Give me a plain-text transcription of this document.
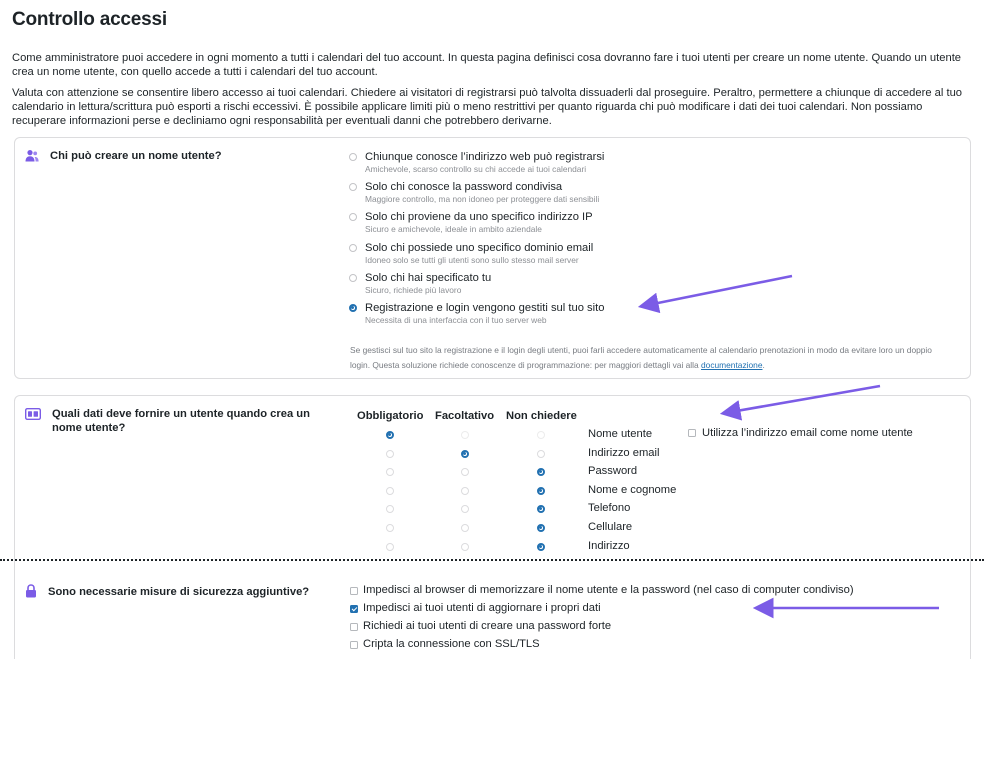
Controllo accessi

Come amministratore puoi accedere in ogni momento a tutti i calendari del tuo account. In questa pagina definisci cosa dovranno fare i tuoi utenti per creare un nome utente. Quando un utente crea un nome utente, con quello accede a tutti i calendari del tuo account.

Valuta con attenzione se consentire libero accesso ai tuoi calendari. Chiedere ai visitatori di registrarsi può talvolta dissuaderli dal proseguire. Peraltro, permettere a chiunque di accedere al tuo calendario in lettura/scrittura può esporti a rischi eccessivi. È possibile applicare limiti più o meno restrittivi per quanto riguarda chi può modificare i dati dei tuoi calendari. Non possiamo recuperare informazioni perse e decliniamo ogni responsabilità per eventuali danni che potrebbero derivarne.

Chi può creare un nome utente?	Chiunque conosce l’indirizzo web può registrarsi
Amichevole, scarso controllo su chi accede ai tuoi calendari
Solo chi conosce la password condivisa
Maggiore controllo, ma non idoneo per proteggere dati sensibili
Solo chi proviene da uno specifico indirizzo IP
Sicuro e amichevole, ideale in ambito aziendale
Solo chi possiede uno specifico dominio email
Idoneo solo se tutti gli utenti sono sullo stesso mail server
Solo chi hai specificato tu
Sicuro, richiede più lavoro
Registrazione e login vengono gestiti sul tuo sito
Necessita di una interfaccia con il tuo server web

Se gestisci sul tuo sito la registrazione e il login degli utenti, puoi farli accedere automaticamente al calendario prenotazioni in modo da evitare loro un doppio login. Questa soluzione richiede conoscenze di programmazione: per maggiori dettagli vai alla documentazione.

Quali dati deve fornire un utente quando crea un nome utente?
Obbligatorio Facoltativo Non chiedere
Nome utente
Indirizzo email
Password
Nome e cognome
Telefono
Cellulare
Indirizzo
Utilizza l’indirizzo email come nome utente
Sono necessarie misure di sicurezza aggiuntive?	Impedisci al browser di memorizzare il nome utente e la password (nel caso di computer condiviso)
Impedisci ai tuoi utenti di aggiornare i propri dati
Richiedi ai tuoi utenti di creare una password forte
Cripta la connessione con SSL/TLS
